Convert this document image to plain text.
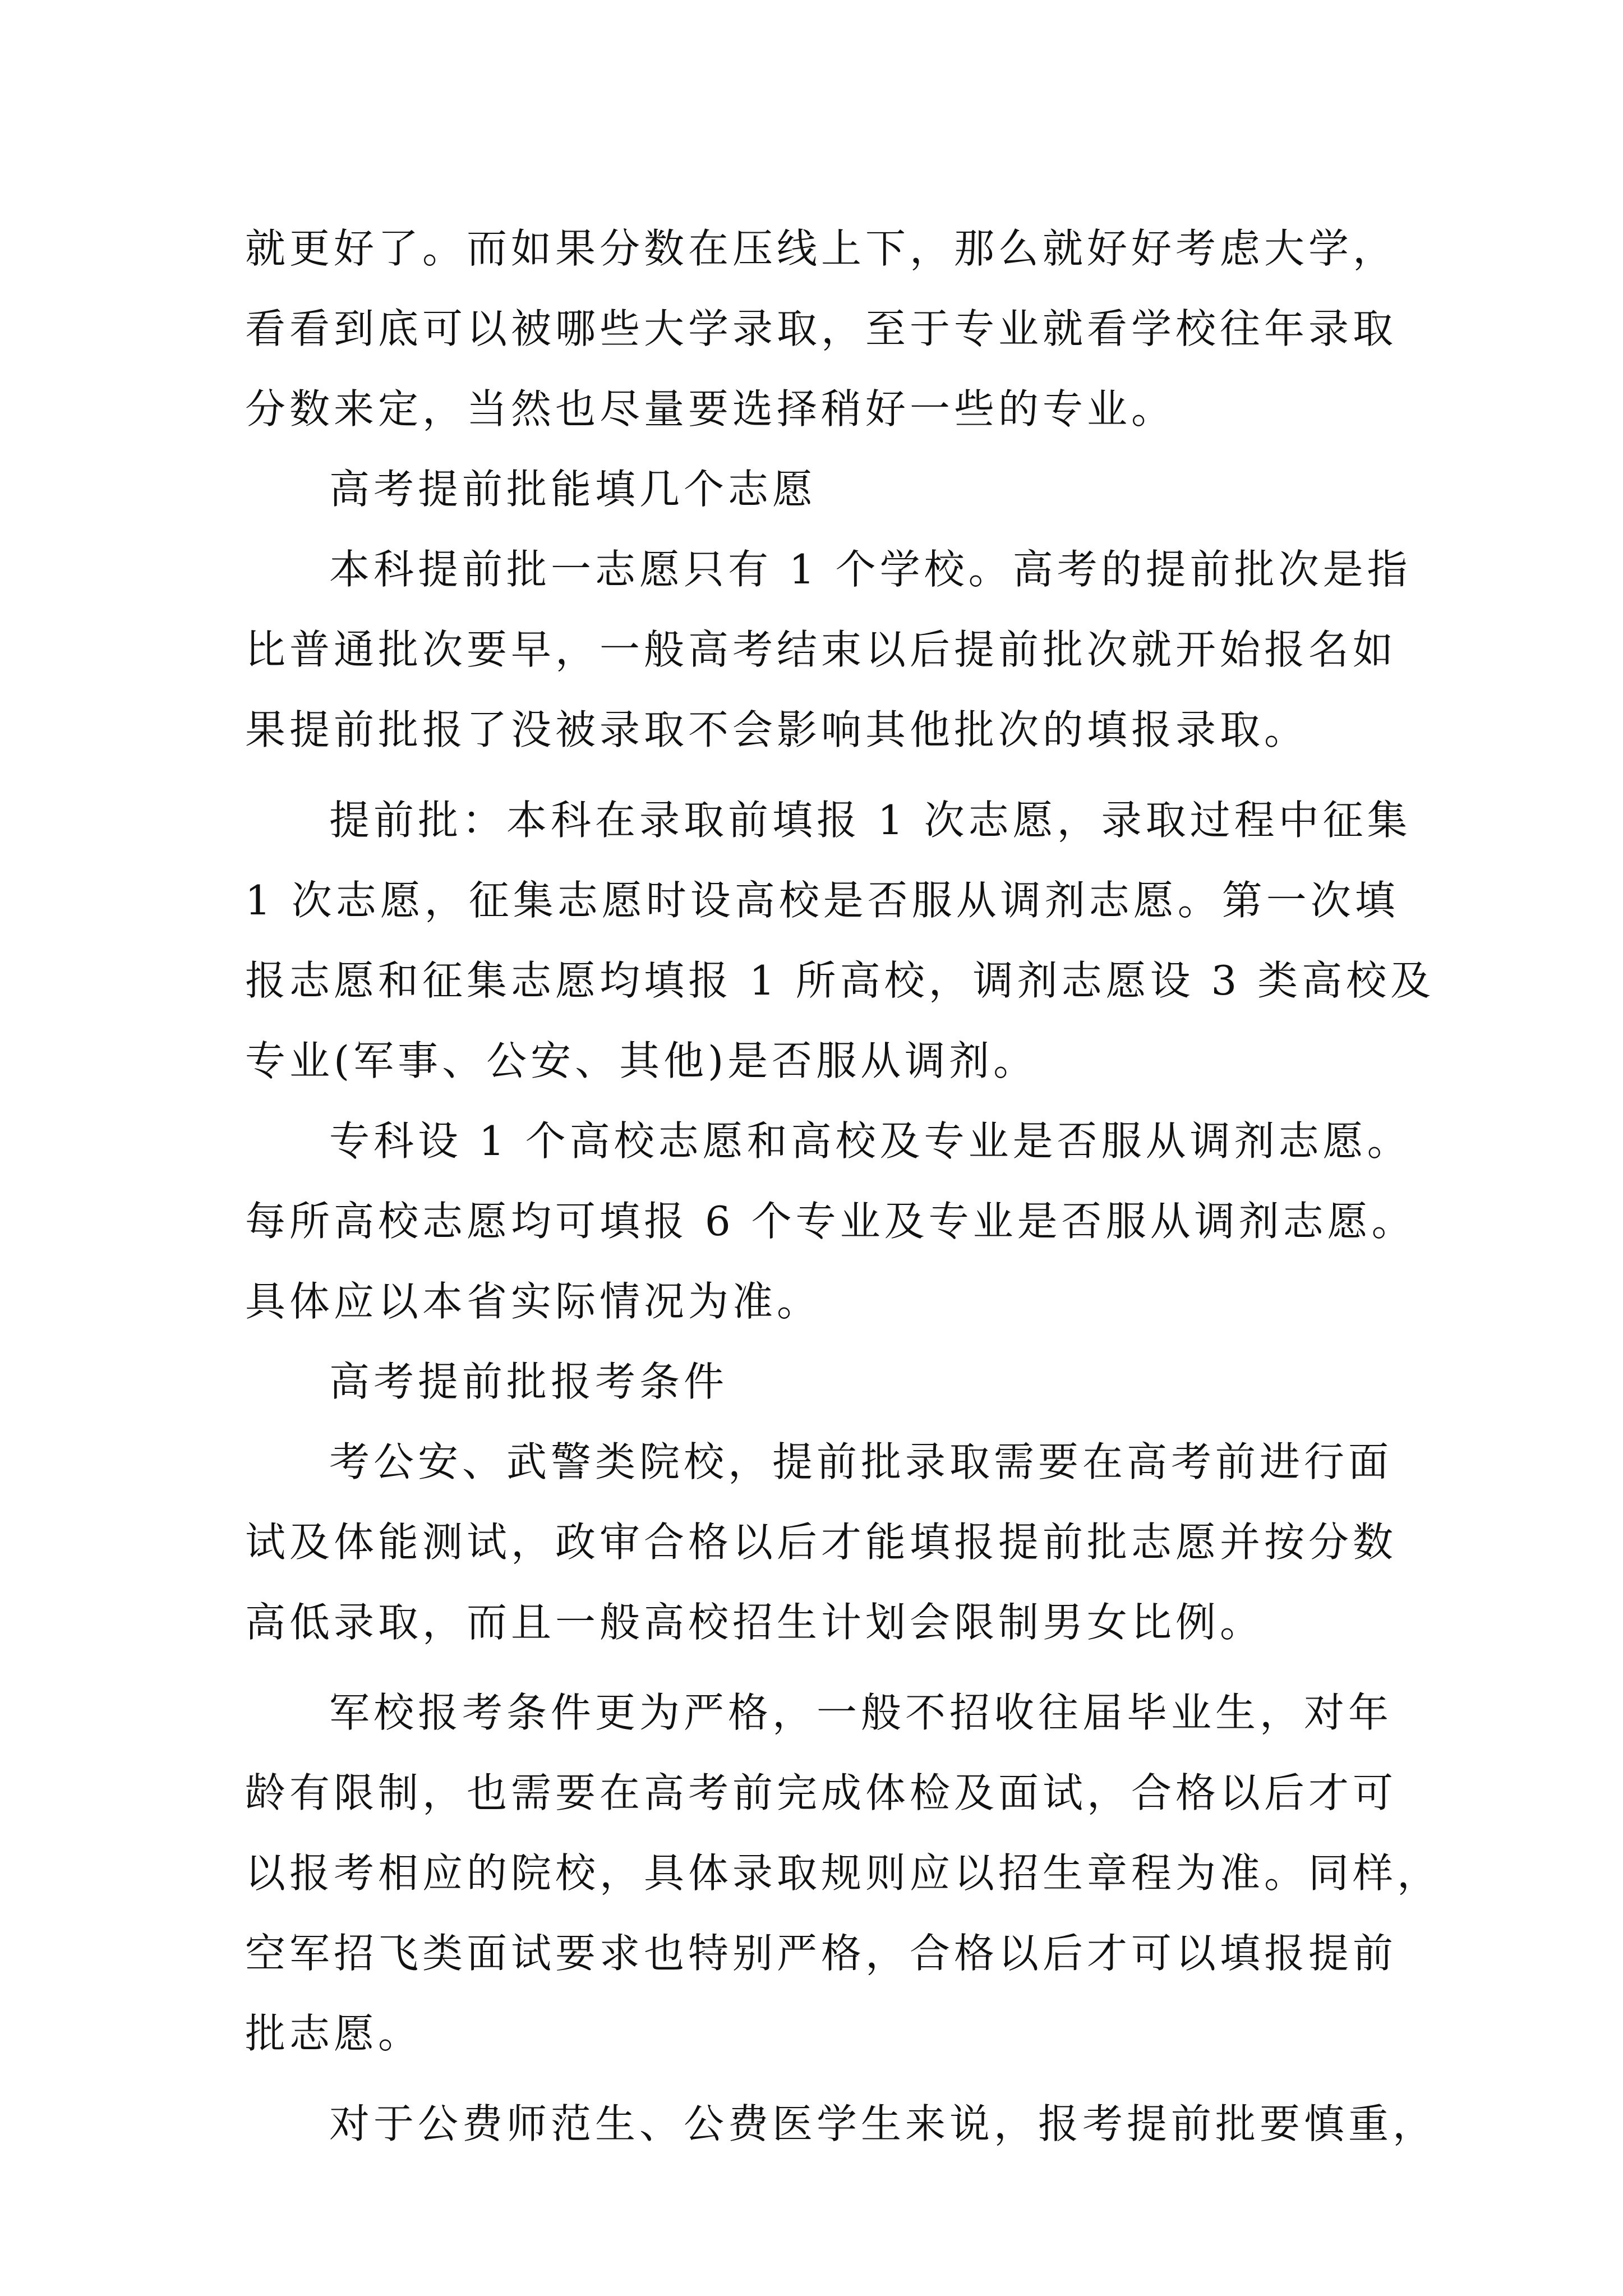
就更好了。而如果分数在压线上下，那么就好好考虑大学，
看看到底可以被哪些大学录取，至于专业就看学校往年录取
分数来定，当然也尽量要选择稍好一些的专业。
高考提前批能填几个志愿
本科提前批一志愿只有 1 个学校。高考的提前批次是指
比普通批次要早，一般高考结束以后提前批次就开始报名如
果提前批报了没被录取不会影响其他批次的填报录取。
提前批：本科在录取前填报 1 次志愿，录取过程中征集
1 次志愿，征集志愿时设高校是否服从调剂志愿。第一次填
报志愿和征集志愿均填报 1 所高校，调剂志愿设 3 类高校及
专业(军事、公安、其他)是否服从调剂。
专科设 1 个高校志愿和高校及专业是否服从调剂志愿。
每所高校志愿均可填报 6 个专业及专业是否服从调剂志愿。
具体应以本省实际情况为准。
高考提前批报考条件
考公安、武警类院校，提前批录取需要在高考前进行面
试及体能测试，政审合格以后才能填报提前批志愿并按分数
高低录取，而且一般高校招生计划会限制男女比例。
军校报考条件更为严格，一般不招收往届毕业生，对年
龄有限制，也需要在高考前完成体检及面试，合格以后才可
以报考相应的院校，具体录取规则应以招生章程为准。同样，
空军招飞类面试要求也特别严格，合格以后才可以填报提前
批志愿。
对于公费师范生、公费医学生来说，报考提前批要慎重，
